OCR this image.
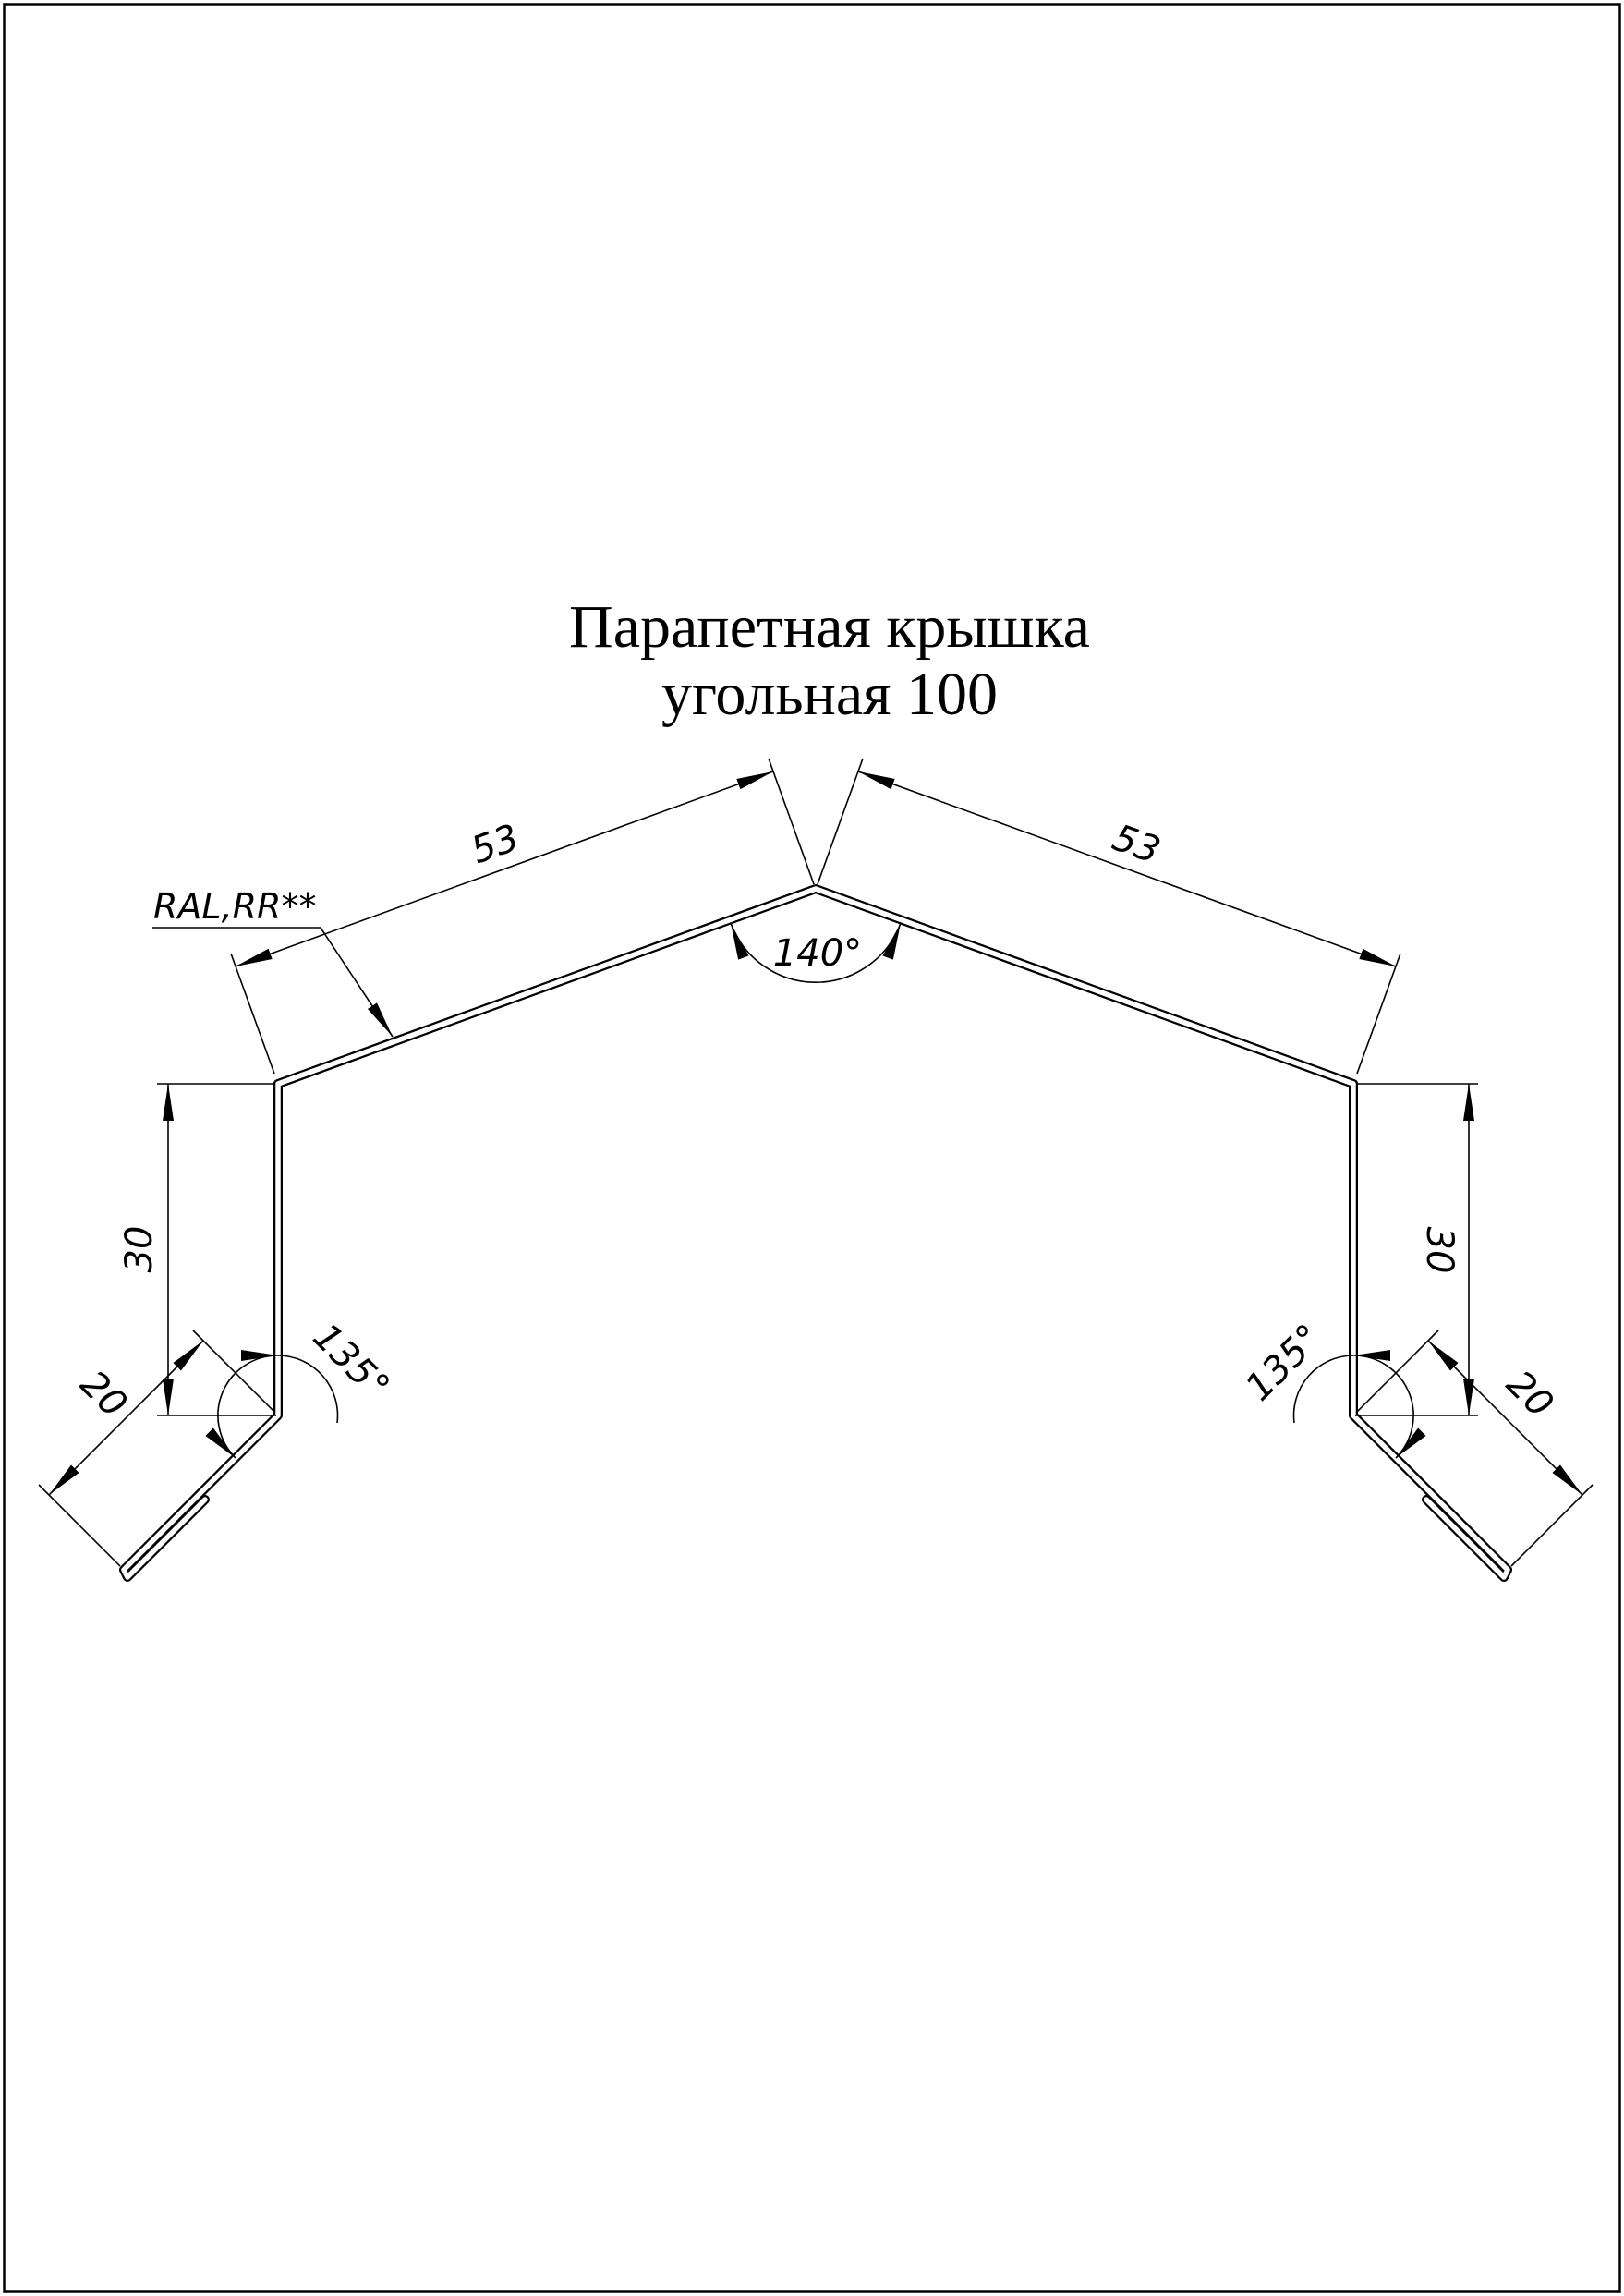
Парапетная крышка
угольная 100
RAL,RR**
53	53
140°
30	30
20	20
135°	135°
